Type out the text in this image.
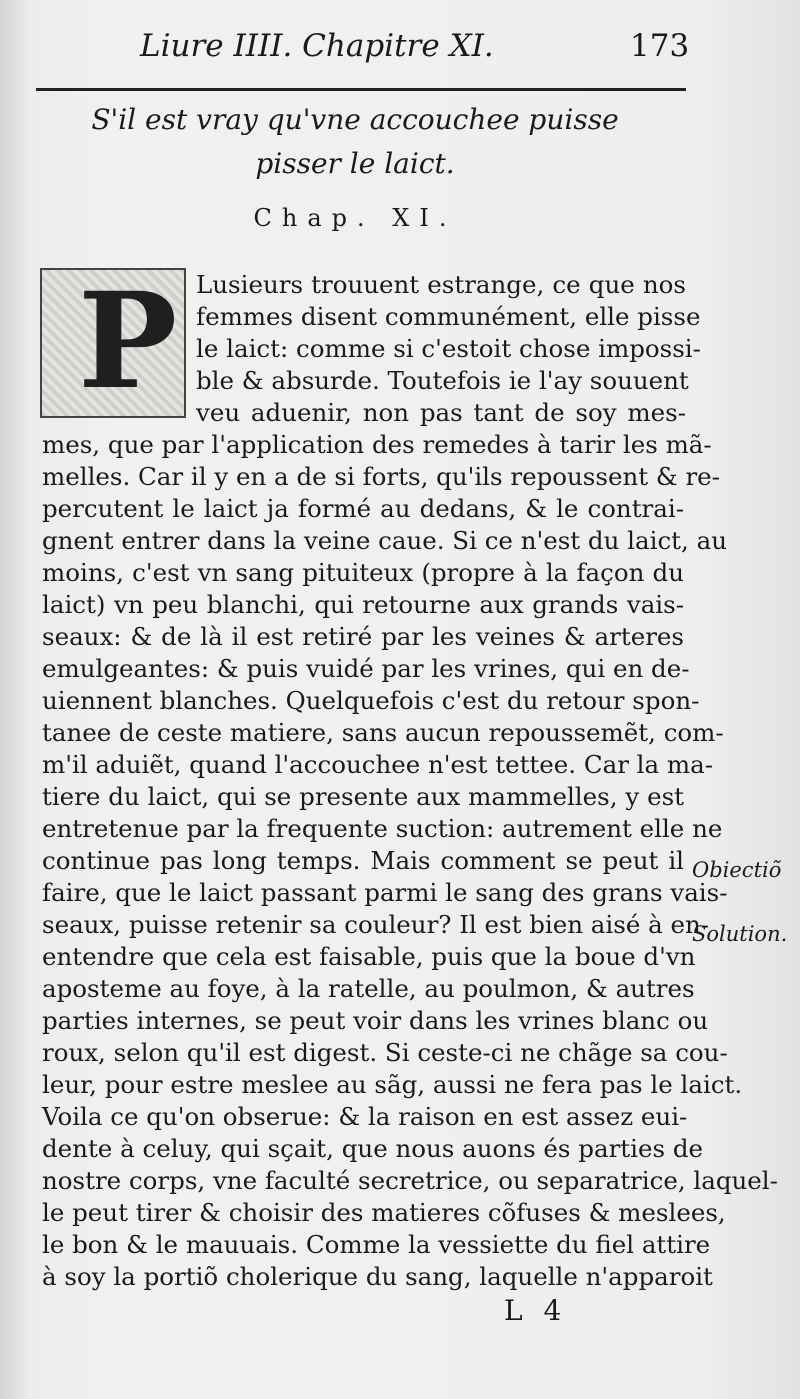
Liure IIII. Chapitre XI.	173
S'il est vray qu'vne accouchee puisse
pisser le laict.
Chap. XI.
P Lusieurs trouuent estrange, ce que nos
femmes disent communément, elle pisse
le laict: comme si c'estoit chose impossi-
ble & absurde. Toutefois ie l'ay souuent
veu aduenir, non pas tant de soy mes-
mes, que par l'application des remedes à tarir les mã-
melles. Car il y en a de si forts, qu'ils repoussent & re-
percutent le laict ja formé au dedans, & le contrai-
gnent entrer dans la veine caue. Si ce n'est du laict, au
moins, c'est vn sang pituiteux (propre à la façon du
laict) vn peu blanchi, qui retourne aux grands vais-
seaux: & de là il est retiré par les veines & arteres
emulgeantes: & puis vuidé par les vrines, qui en de-
uiennent blanches. Quelquefois c'est du retour spon-
tanee de ceste matiere, sans aucun repoussemẽt, com-
m'il aduiẽt, quand l'accouchee n'est tettee. Car la ma-
tiere du laict, qui se presente aux mammelles, y est
entretenue par la frequente suction: autrement elle ne
continue pas long temps. Mais comment se peut il
faire, que le laict passant parmi le sang des grans vais-
seaux, puisse retenir sa couleur? Il est bien aisé à en-
entendre que cela est faisable, puis que la boue d'vn
aposteme au foye, à la ratelle, au poulmon, & autres
parties internes, se peut voir dans les vrines blanc ou
roux, selon qu'il est digest. Si ceste-ci ne chãge sa cou-
leur, pour estre meslee au sãg, aussi ne fera pas le laict.
Voila ce qu'on obserue: & la raison en est assez eui-
dente à celuy, qui sçait, que nous auons és parties de
nostre corps, vne faculté secretrice, ou separatrice, laquel-
le peut tirer & choisir des matieres cõfuses & meslees,
le bon & le mauuais. Comme la vessiette du fiel attire
à soy la portiõ cholerique du sang, laquelle n'apparoit
Obiectiõ
Solution.
L 4
